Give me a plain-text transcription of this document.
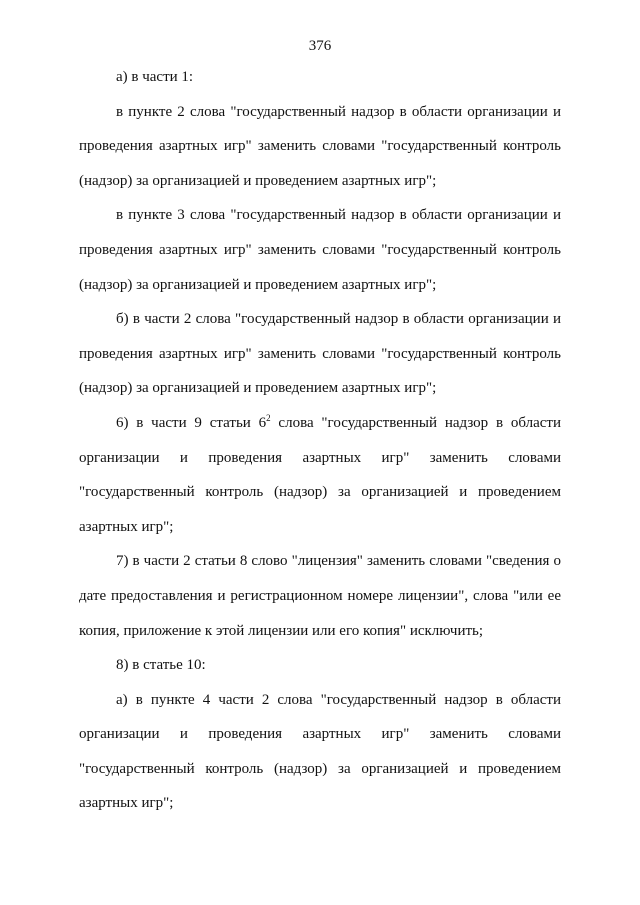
376

а) в части 1:

в пункте 2 слова "государственный надзор в области организации и проведения азартных игр" заменить словами "государственный контроль (надзор) за организацией и проведением азартных игр";

в пункте 3 слова "государственный надзор в области организации и проведения азартных игр" заменить словами "государственный контроль (надзор) за организацией и проведением азартных игр";

б) в части 2 слова "государственный надзор в области организации и проведения азартных игр" заменить словами "государственный контроль (надзор) за организацией и проведением азартных игр";

6) в части 9 статьи $6^2$ слова "государственный надзор в области организации и проведения азартных игр" заменить словами "государственный контроль (надзор) за организацией и проведением азартных игр";

7) в части 2 статьи 8 слово "лицензия" заменить словами "сведения о дате предоставления и регистрационном номере лицензии", слова "или ее копия, приложение к этой лицензии или его копия" исключить;

8) в статье 10:

а) в пункте 4 части 2 слова "государственный надзор в области организации и проведения азартных игр" заменить словами "государственный контроль (надзор) за организацией и проведением азартных игр";
